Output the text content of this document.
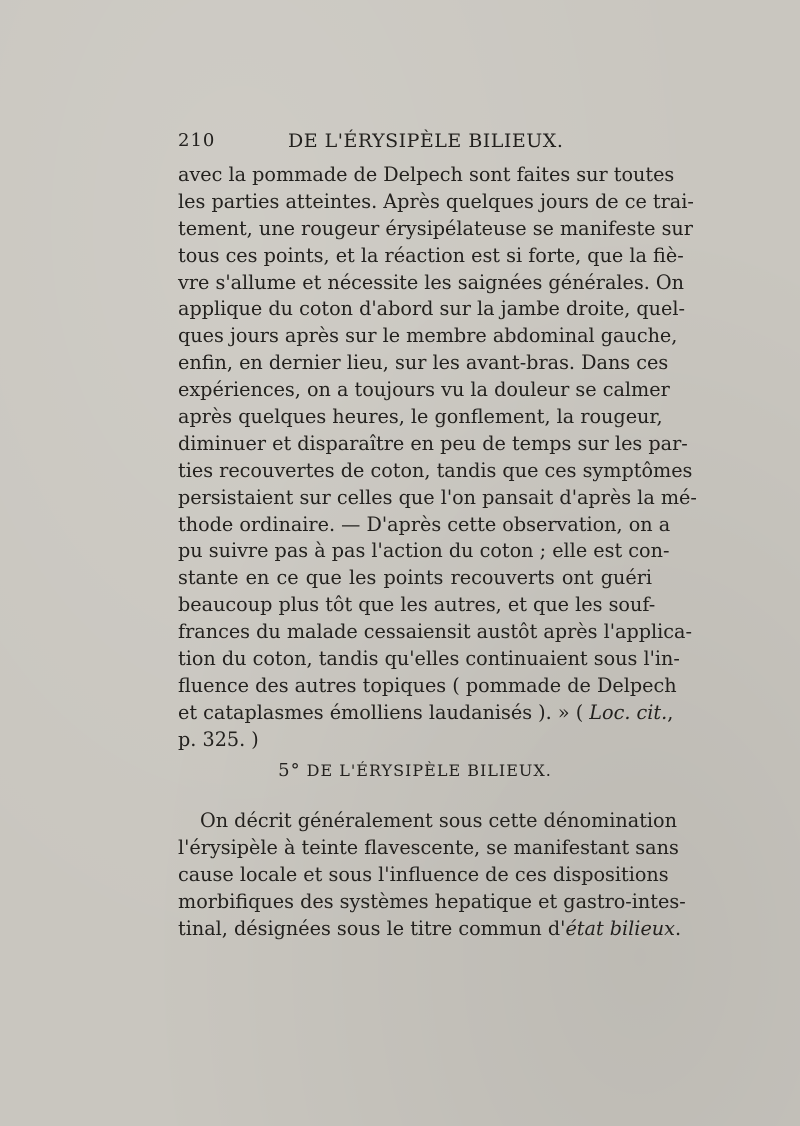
210	DE L'ÉRYSIPÈLE BILIEUX.
avec la pommade de Delpech sont faites sur toutes
les parties atteintes. Après quelques jours de ce trai-
tement, une rougeur érysipélateuse se manifeste sur
tous ces points, et la réaction est si forte, que la fiè-
vre s'allume et nécessite les saignées générales. On
applique du coton d'abord sur la jambe droite, quel-
ques jours après sur le membre abdominal gauche,
enfin, en dernier lieu, sur les avant-bras. Dans ces
expériences, on a toujours vu la douleur se calmer
après quelques heures, le gonflement, la rougeur,
diminuer et disparaître en peu de temps sur les par-
ties recouvertes de coton, tandis que ces symptômes
persistaient sur celles que l'on pansait d'après la mé-
thode ordinaire. — D'après cette observation, on a
pu suivre pas à pas l'action du coton ; elle est con-
stante en ce que les points recouverts ont guéri
beaucoup plus tôt que les autres, et que les souf-
frances du malade cessaiensit austôt après l'applica-
tion du coton, tandis qu'elles continuaient sous l'in-
fluence des autres topiques ( pommade de Delpech
et cataplasmes émolliens laudanisés ). » ( Loc. cit.,
p. 325. )
5° DE L'ÉRYSIPÈLE BILIEUX.
On décrit généralement sous cette dénomination
l'érysipèle à teinte flavescente, se manifestant sans
cause locale et sous l'influence de ces dispositions
morbifiques des systèmes hepatique et gastro-intes-
tinal, désignées sous le titre commun d'état bilieux.
